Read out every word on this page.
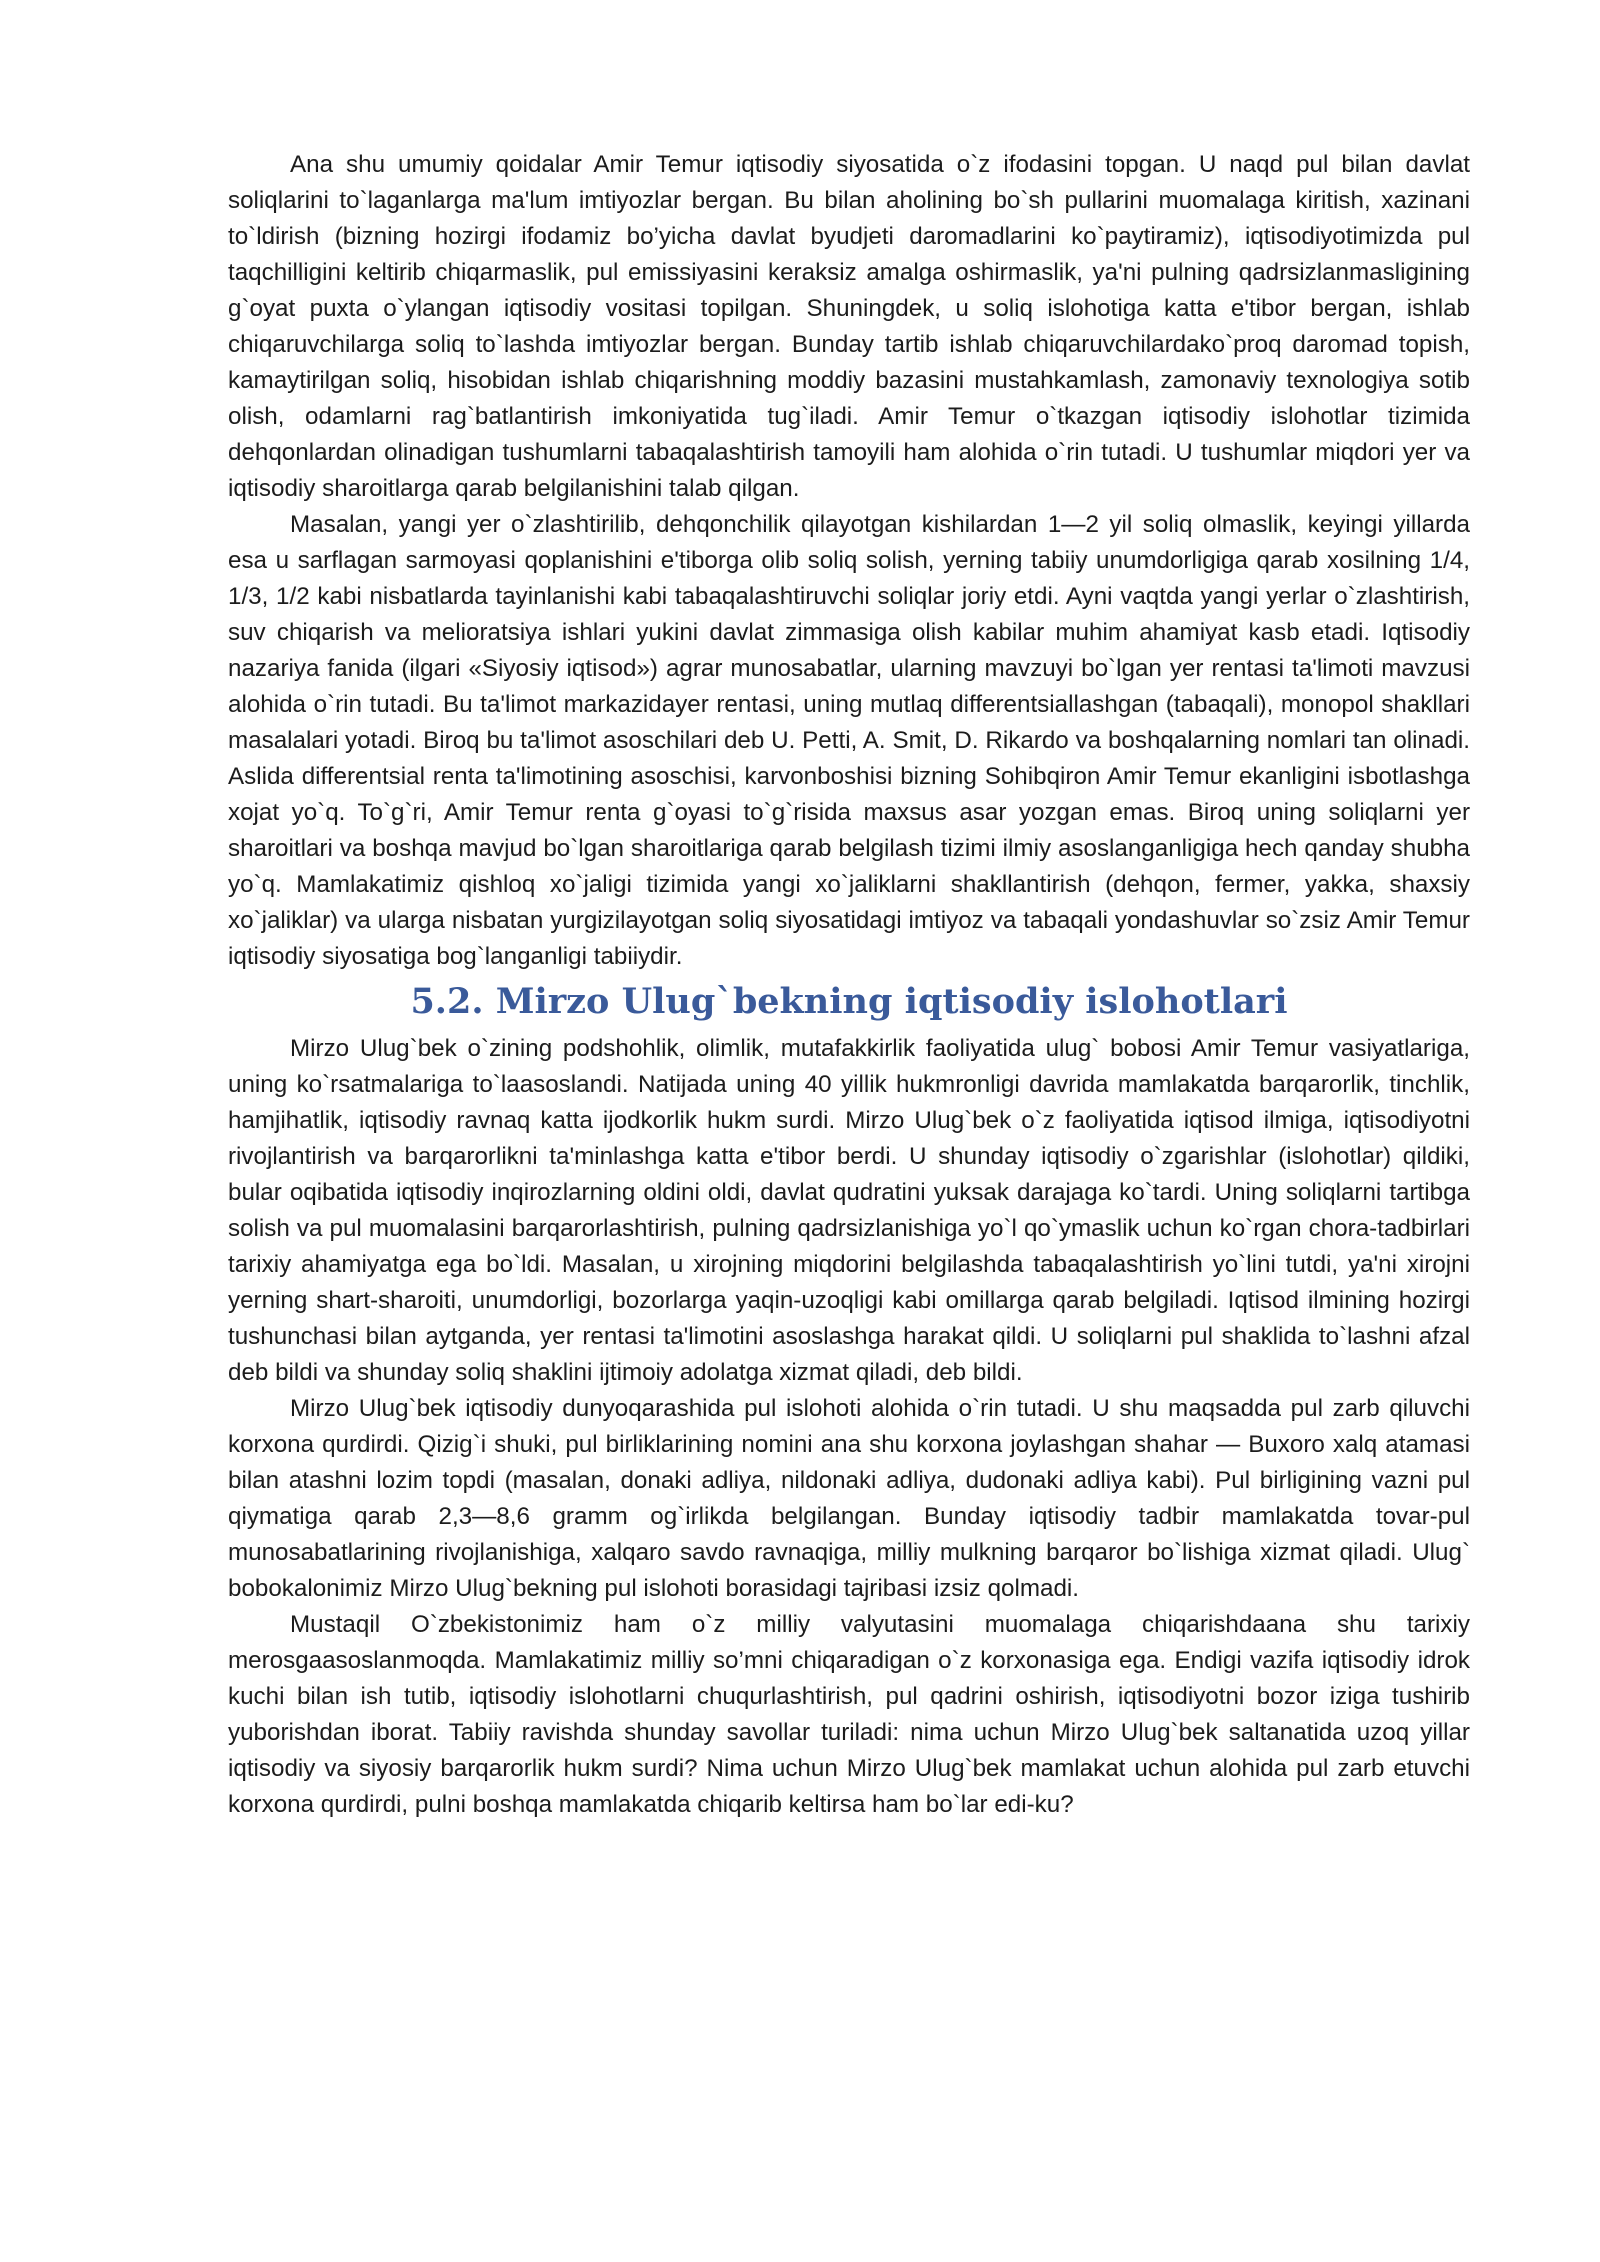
Ana shu umumiy qoidalar Amir Temur iqtisodiy siyosatida o`z ifodasini topgan. U naqd pul bilan davlat soliqlarini to`laganlarga ma'lum imtiyozlar bergan. Bu bilan aholining bo`sh pullarini muomalaga kiritish, xazinani to`ldirish (bizning hozirgi ifodamiz bo’yicha davlat byudjeti daromadlarini ko`paytiramiz), iqtisodiyotimizda pul taqchilligini keltirib chiqarmaslik, pul emissiyasini keraksiz amalga oshirmaslik, ya'ni pulning qadrsizlanmasligining g`oyat puxta o`ylangan iqtisodiy vositasi topilgan. Shuningdek, u soliq islohotiga katta e'tibor bergan, ishlab chiqaruvchilarga soliq to`lashda imtiyozlar bergan. Bunday tartib ishlab chiqaruvchilardako`proq daromad topish, kamaytirilgan soliq, hisobidan ishlab chiqarishning moddiy bazasini mustahkamlash, zamonaviy texnologiya sotib olish, odamlarni rag`batlantirish imkoniyatida tug`iladi. Amir Temur o`tkazgan iqtisodiy islohotlar tizimida dehqonlardan olinadigan tushumlarni tabaqalashtirish tamoyili ham alohida o`rin tutadi. U tushumlar miqdori yer va iqtisodiy sharoitlarga qarab belgilanishini talab qilgan.

Masalan, yangi yer o`zlashtirilib, dehqonchilik qilayotgan kishilardan 1—2 yil soliq olmaslik, keyingi yillarda esa u sarflagan sarmoyasi qoplanishini e'tiborga olib soliq solish, yerning tabiiy unumdorligiga qarab xosilning 1/4, 1/3, 1/2 kabi nisbatlarda tayinlanishi kabi tabaqalashtiruvchi soliqlar joriy etdi. Ayni vaqtda yangi yerlar o`zlashtirish, suv chiqarish va melioratsiya ishlari yukini davlat zimmasiga olish kabilar muhim ahamiyat kasb etadi. Iqtisodiy nazariya fanida (ilgari «Siyosiy iqtisod») agrar munosabatlar, ularning mavzuyi bo`lgan yer rentasi ta'limoti mavzusi alohida o`rin tutadi. Bu ta'limot markazidayer rentasi, uning mutlaq differentsiallashgan (tabaqali), monopol shakllari masalalari yotadi. Biroq bu ta'limot asoschilari deb U. Petti, A. Smit, D. Rikardo va boshqalarning nomlari tan olinadi. Aslida differentsial renta ta'limotining asoschisi, karvonboshisi bizning Sohibqiron Amir Temur ekanligini isbotlashga xojat yo`q. To`g`ri, Amir Temur renta g`oyasi to`g`risida maxsus asar yozgan emas. Biroq uning soliqlarni yer sharoitlari va boshqa mavjud bo`lgan sharoitlariga qarab belgilash tizimi ilmiy asoslanganligiga hech qanday shubha yo`q. Mamlakatimiz qishloq xo`jaligi tizimida yangi xo`jaliklarni shakllantirish (dehqon, fermer, yakka, shaxsiy xo`jaliklar) va ularga nisbatan yurgizilayotgan soliq siyosatidagi imtiyoz va tabaqali yondashuvlar so`zsiz Amir Temur iqtisodiy siyosatiga bog`langanligi tabiiydir.

5.2. Mirzo Ulug`bekning iqtisodiy islohotlari

Mirzo Ulug`bek o`zining podshohlik, olimlik, mutafakkirlik faoliyatida ulug` bobosi Amir Temur vasiyatlariga, uning ko`rsatmalariga to`laasoslandi. Natijada uning 40 yillik hukmronligi davrida mamlakatda barqarorlik, tinchlik, hamjihatlik, iqtisodiy ravnaq katta ijodkorlik hukm surdi. Mirzo Ulug`bek o`z faoliyatida iqtisod ilmiga, iqtisodiyotni rivojlantirish va barqarorlikni ta'minlashga katta e'tibor berdi. U shunday iqtisodiy o`zgarishlar (islohotlar) qildiki, bular oqibatida iqtisodiy inqirozlarning oldini oldi, davlat qudratini yuksak darajaga ko`tardi. Uning soliqlarni tartibga solish va pul muomalasini barqarorlashtirish, pulning qadrsizlanishiga yo`l qo`ymaslik uchun ko`rgan chora-tadbirlari tarixiy ahamiyatga ega bo`ldi. Masalan, u xirojning miqdorini belgilashda tabaqalashtirish yo`lini tutdi, ya'ni xirojni yerning shart-sharoiti, unumdorligi, bozorlarga yaqin-uzoqligi kabi omillarga qarab belgiladi. Iqtisod ilmining hozirgi tushunchasi bilan aytganda, yer rentasi ta'limotini asoslashga harakat qildi. U soliqlarni pul shaklida to`lashni afzal deb bildi va shunday soliq shaklini ijtimoiy adolatga xizmat qiladi, deb bildi.

Mirzo Ulug`bek iqtisodiy dunyoqarashida pul islohoti alohida o`rin tutadi. U shu maqsadda pul zarb qiluvchi korxona qurdirdi. Qizig`i shuki, pul birliklarining nomini ana shu korxona joylashgan shahar — Buxoro xalq atamasi bilan atashni lozim topdi (masalan, donaki adliya, nildonaki adliya, dudonaki adliya kabi). Pul birligining vazni pul qiymatiga qarab 2,3—8,6 gramm og`irlikda belgilangan. Bunday iqtisodiy tadbir mamlakatda tovar-pul munosabatlarining rivojlanishiga, xalqaro savdo ravnaqiga, milliy mulkning barqaror bo`lishiga xizmat qiladi. Ulug` bobokalonimiz Mirzo Ulug`bekning pul islohoti borasidagi tajribasi izsiz qolmadi.

Mustaqil O`zbekistonimiz ham o`z milliy valyutasini muomalaga chiqarishdaana shu tarixiy merosgaasoslanmoqda. Mamlakatimiz milliy so’mni chiqaradigan o`z korxonasiga ega. Endigi vazifa iqtisodiy idrok kuchi bilan ish tutib, iqtisodiy islohotlarni chuqurlashtirish, pul qadrini oshirish, iqtisodiyotni bozor iziga tushirib yuborishdan iborat. Tabiiy ravishda shunday savollar turiladi: nima uchun Mirzo Ulug`bek saltanatida uzoq yillar iqtisodiy va siyosiy barqarorlik hukm surdi? Nima uchun Mirzo Ulug`bek mamlakat uchun alohida pul zarb etuvchi korxona qurdirdi, pulni boshqa mamlakatda chiqarib keltirsa ham bo`lar edi-ku?
